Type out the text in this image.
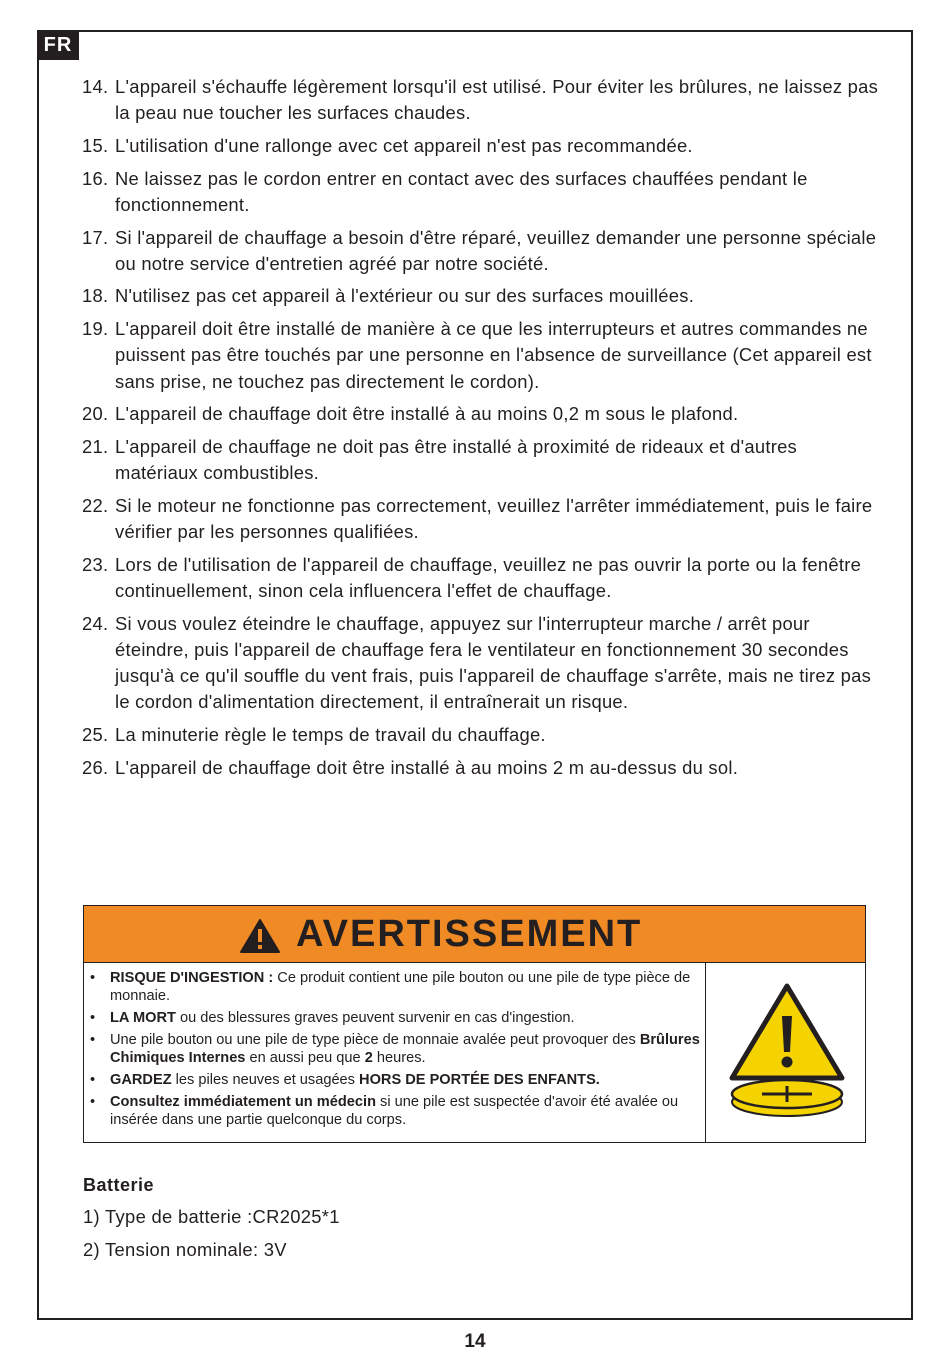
FR
14. L'appareil s'échauffe légèrement lorsqu'il est utilisé. Pour éviter les brûlures, ne laissez pas la peau nue toucher les surfaces chaudes.
15. L'utilisation d'une rallonge avec cet appareil n'est pas recommandée.
16. Ne laissez pas le cordon entrer en contact avec des surfaces chauffées pendant le fonctionnement.
17. Si l'appareil de chauffage a besoin d'être réparé, veuillez demander une personne spéciale ou notre service d'entretien agréé par notre société.
18. N'utilisez pas cet appareil à l'extérieur ou sur des surfaces mouillées.
19. L'appareil doit être installé de manière à ce que les interrupteurs et autres commandes ne puissent pas être touchés par une personne en l'absence de surveillance (Cet appareil est sans prise, ne touchez pas directement le cordon).
20. L'appareil de chauffage doit être installé à au moins 0,2 m sous le plafond.
21. L'appareil de chauffage ne doit pas être installé à proximité de rideaux et d'autres matériaux combustibles.
22. Si le moteur ne fonctionne pas correctement, veuillez l'arrêter immédiatement, puis le faire vérifier par les personnes qualifiées.
23. Lors de l'utilisation de l'appareil de chauffage, veuillez ne pas ouvrir la porte ou la fenêtre continuellement, sinon cela influencera l'effet de chauffage.
24. Si vous voulez éteindre le chauffage, appuyez sur l'interrupteur marche / arrêt pour éteindre, puis l'appareil de chauffage fera le ventilateur en fonctionnement 30 secondes jusqu'à ce qu'il souffle du vent frais, puis l'appareil de chauffage s'arrête, mais ne tirez pas le cordon d'alimentation directement, il entraînerait un risque.
25. La minuterie règle le temps de travail du chauffage.
26. L'appareil de chauffage doit être installé à au moins 2 m au-dessus du sol.
AVERTISSEMENT
• RISQUE D'INGESTION : Ce produit contient une pile bouton ou une pile de type pièce de monnaie.
• LA MORT ou des blessures graves peuvent survenir en cas d'ingestion.
• Une pile bouton ou une pile de type pièce de monnaie avalée peut provoquer des Brûlures Chimiques Internes en aussi peu que 2 heures.
• GARDEZ les piles neuves et usagées HORS DE PORTÉE DES ENFANTS.
• Consultez immédiatement un médecin si une pile est suspectée d'avoir été avalée ou insérée dans une partie quelconque du corps.
Batterie
1) Type de batterie :CR2025*1
2) Tension nominale: 3V
14
